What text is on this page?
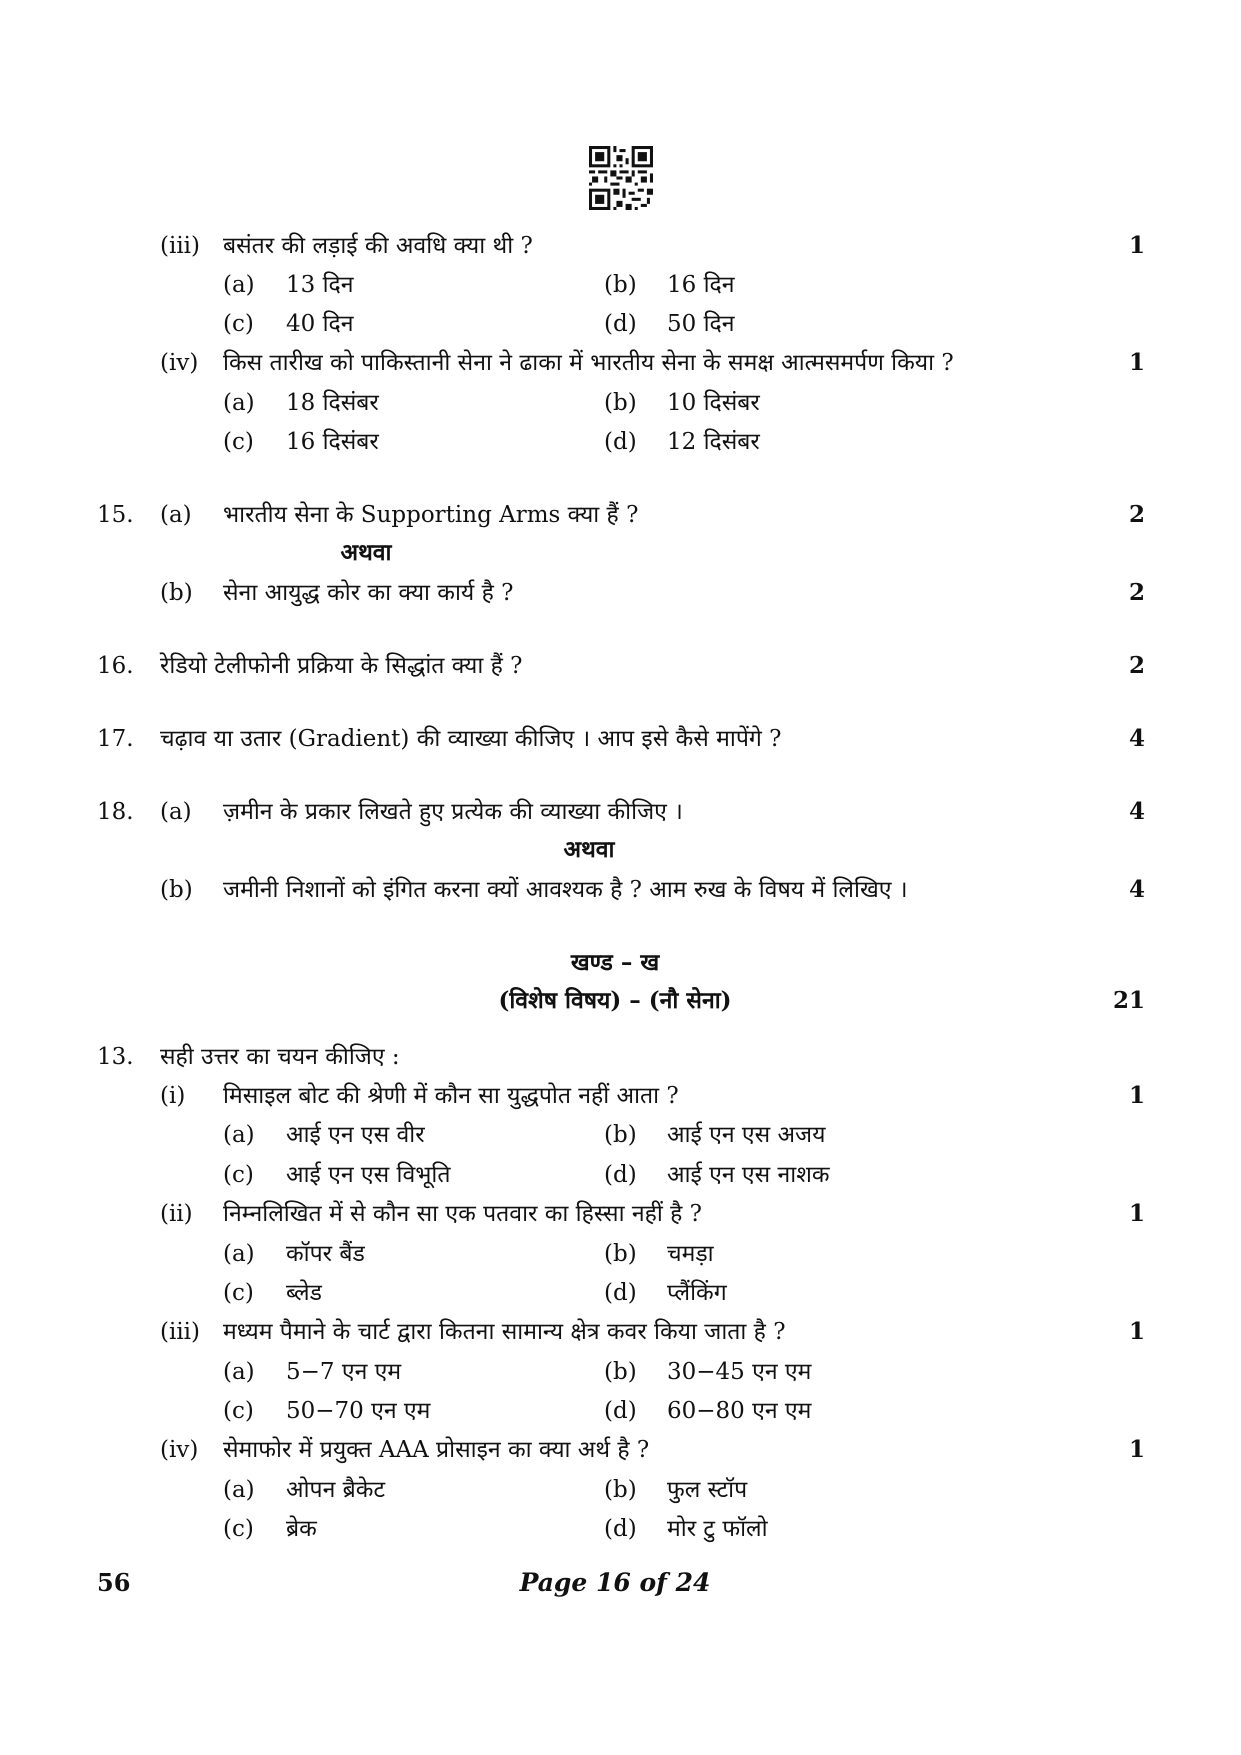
(iii) बसंतर की लड़ाई की अवधि क्या थी ?	1
(a) 13 दिन	(b) 16 दिन
(c) 40 दिन	(d) 50 दिन
(iv) किस तारीख को पाकिस्तानी सेना ने ढाका में भारतीय सेना के समक्ष आत्मसमर्पण किया ?	1
(a) 18 दिसंबर	(b) 10 दिसंबर
(c) 16 दिसंबर	(d) 12 दिसंबर
15. (a) भारतीय सेना के Supporting Arms क्या हैं ?	2
अथवा
(b) सेना आयुद्ध कोर का क्या कार्य है ?	2
16. रेडियो टेलीफोनी प्रक्रिया के सिद्धांत क्या हैं ?	2
17. चढ़ाव या उतार (Gradient) की व्याख्या कीजिए । आप इसे कैसे मापेंगे ?	4
18. (a) ज़मीन के प्रकार लिखते हुए प्रत्येक की व्याख्या कीजिए ।	4
अथवा
(b) जमीनी निशानों को इंगित करना क्यों आवश्यक है ? आम रुख के विषय में लिखिए ।	4
खण्ड – ख
(विशेष विषय) – (नौ सेना)	21
13. सही उत्तर का चयन कीजिए :
(i) मिसाइल बोट की श्रेणी में कौन सा युद्धपोत नहीं आता ?	1
(a) आई एन एस वीर	(b) आई एन एस अजय
(c) आई एन एस विभूति	(d) आई एन एस नाशक
(ii) निम्नलिखित में से कौन सा एक पतवार का हिस्सा नहीं है ?	1
(a) कॉपर बैंड	(b) चमड़ा
(c) ब्लेड	(d) प्लैंकिंग
(iii) मध्यम पैमाने के चार्ट द्वारा कितना सामान्य क्षेत्र कवर किया जाता है ?	1
(a) 5−7 एन एम	(b) 30−45 एन एम
(c) 50−70 एन एम	(d) 60−80 एन एम
(iv) सेमाफोर में प्रयुक्त AAA प्रोसाइन का क्या अर्थ है ?	1
(a) ओपन ब्रैकेट	(b) फुल स्टॉप
(c) ब्रेक	(d) मोर टु फॉलो
56	Page 16 of 24
